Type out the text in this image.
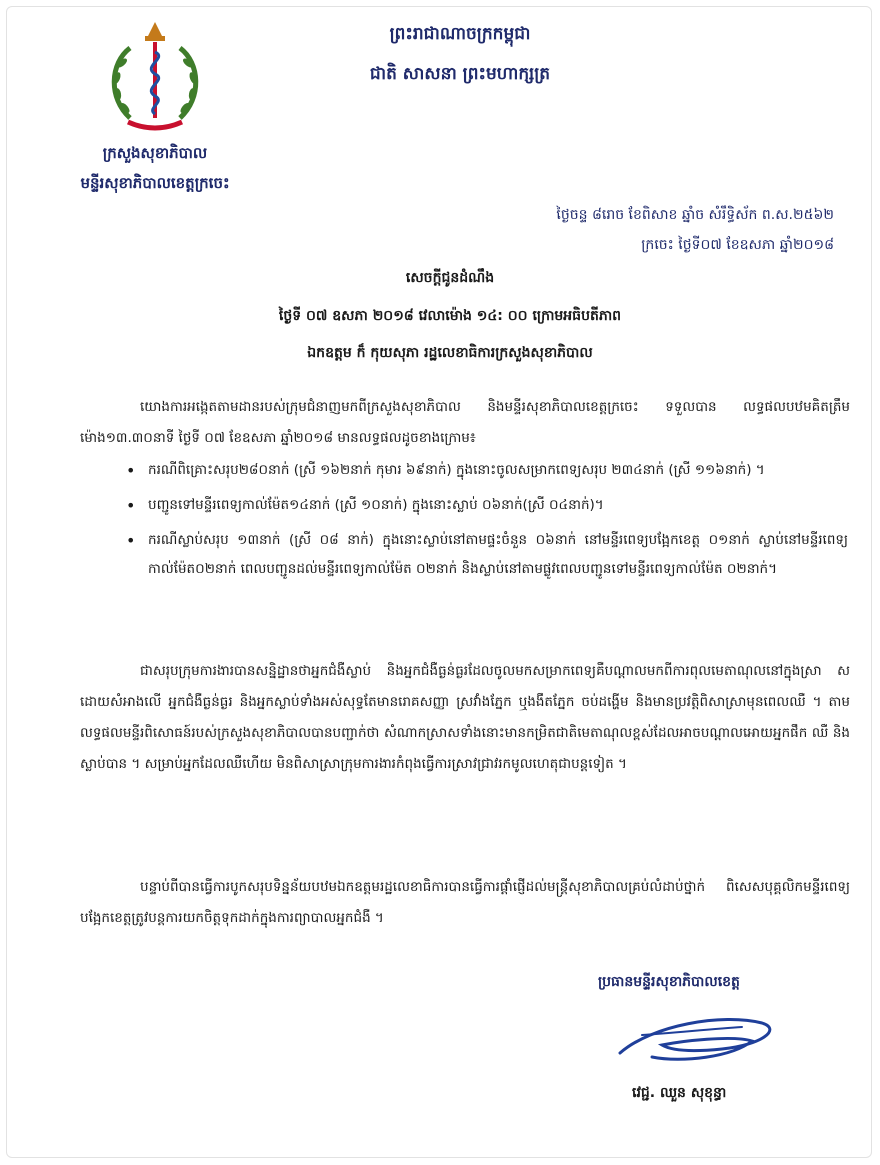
ក្រសួងសុខាភិបាល
មន្ទីរសុខាភិបាលខេត្តក្រចេះ
ព្រះរាជាណាចក្រកម្ពុជា
ជាតិ សាសនា ព្រះមហាក្សត្រ
ថ្ងៃចន្ទ ៨រោច ខែពិសាខ ឆ្នាំច សំរឹទ្ធិស័ក ព.ស.២៥៦២
ក្រចេះ ថ្ងៃទី០៧ ខែឧសភា ឆ្នាំ២០១៨
សេចក្តីជូនដំណឹង
ថ្ងៃទី ០៧ ឧសភា ២០១៨ វេលាម៉ោង ១៤: ០០ ក្រោមអធិបតីភាព
ឯកឧត្តម ក៏ កុយសុភា រដ្ឋលេខាធិការក្រសួងសុខាភិបាល
យោងការអង្កេតតាមដានរបស់ក្រុមជំនាញមកពីក្រសួងសុខាភិបាល និងមន្ទីរសុខាភិបាលខេត្តក្រចេះ ទទួលបាន លទ្ធផលបឋមគិតត្រឹមម៉ោង១៣.៣០នាទី ថ្ងៃទី ០៧ ខែឧសភា ឆ្នាំ២០១៨ មានលទ្ធផលដូចខាងក្រោម៖
• ករណីពិគ្រោះសរុប២៨០នាក់ (ស្រី ១៦២នាក់ កុមារ ៦៩នាក់) ក្នុងនោះចូលសម្រាកពេទ្យសរុប ២៣៤នាក់ (ស្រី ១១៦នាក់) ។
• បញ្ជូនទៅមន្ទីរពេទ្យកាល់ម៉ែត១៤នាក់ (ស្រី ១០នាក់) ក្នុងនោះស្លាប់ ០៦នាក់(ស្រី ០៤នាក់)។
• ករណីស្លាប់សរុប ១៣នាក់ (ស្រី ០៨ នាក់) ក្នុងនោះស្លាប់នៅតាមផ្ទះចំនួន ០៦នាក់ នៅមន្ទីរពេទ្យបង្អែកខេត្ត ០១នាក់ ស្លាប់នៅមន្ទីរពេទ្យកាល់ម៉ែត០២នាក់ ពេលបញ្ជូនដល់មន្ទីរពេទ្យកាល់ម៉ែត ០២នាក់ និងស្លាប់នៅតាមផ្លូវពេលបញ្ជូនទៅមន្ទីរពេទ្យកាល់ម៉ែត ០២នាក់។
ជាសរុបក្រុមការងារបានសន្និដ្ឋានថាអ្នកជំងឺស្លាប់ និងអ្នកជំងឺធ្ងន់ធ្ងរដែលចូលមកសម្រាកពេទ្យគឺបណ្តាលមកពីការពុលមេតាណុលនៅក្នុងស្រា ស ដោយសំអាងលើ អ្នកជំងឺធ្ងន់ធ្ងរ និងអ្នកស្លាប់ទាំងអស់សុទ្ធតែមានរោគសញ្ញា ស្រវាំងភ្នែក ឬងងឹតភ្នែក ចប់ដង្ហើម និងមានប្រវត្តិពិសាស្រាមុនពេលឈឺ ។ តាមលទ្ធផលមន្ទីរពិសោធន៍របស់ក្រសួងសុខាភិបាលបានបញ្ជាក់ថា សំណាកស្រាសទាំងនោះមានកម្រិតជាតិមេតាណុលខ្ពស់ដែលអាចបណ្តាលអោយអ្នកផឹក ឈឺ និងស្លាប់បាន ។ សម្រាប់អ្នកដែលឈឺហើយ មិនពិសាស្រាក្រុមការងារកំពុងធ្វើការស្រាវជ្រាវរកមូលហេតុជាបន្តទៀត ។
បន្ទាប់ពីបានធ្វើការបូកសរុបទិន្នន័យបឋមឯកឧត្តមរដ្ឋលេខាធិការបានធ្វើការផ្តាំផ្ញើដល់មន្ត្រីសុខាភិបាលគ្រប់លំដាប់ថ្នាក់ ពិសេសបុគ្គលិកមន្ទីរពេទ្យបង្អែកខេត្តត្រូវបន្តការយកចិត្តទុកដាក់ក្នុងការព្យាបាលអ្នកជំងឺ ។
ប្រធានមន្ទីរសុខាភិបាលខេត្ត
វេជ្ជ. ឈួន សុខុន្ធា
